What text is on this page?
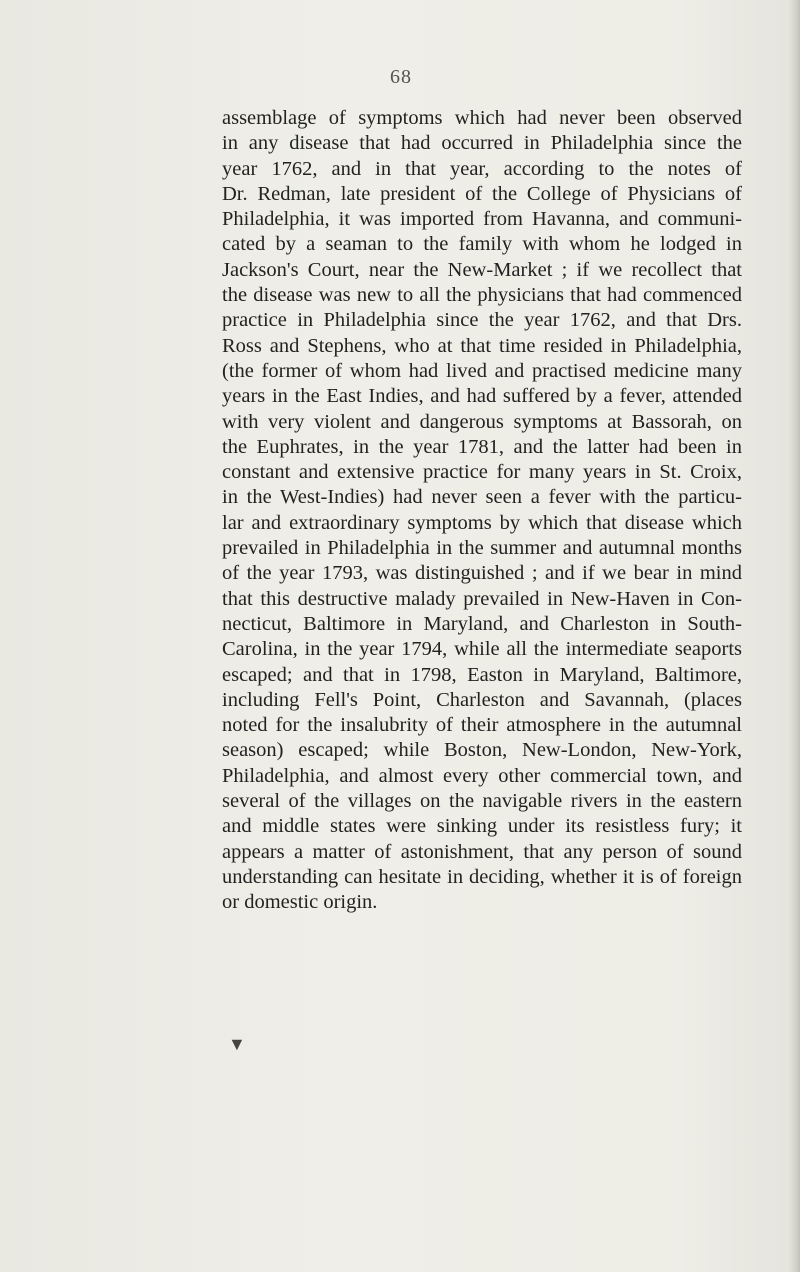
68

assemblage of symptoms which had never been observed
in any disease that had occurred in Philadelphia since the
year 1762, and in that year, according to the notes of
Dr. Redman, late president of the College of Physicians of
Philadelphia, it was imported from Havanna, and communi-
cated by a seaman to the family with whom he lodged in
Jackson's Court, near the New-Market ; if we recollect that
the disease was new to all the physicians that had commenced
practice in Philadelphia since the year 1762, and that Drs.
Ross and Stephens, who at that time resided in Philadelphia,
(the former of whom had lived and practised medicine many
years in the East Indies, and had suffered by a fever, attended
with very violent and dangerous symptoms at Bassorah, on
the Euphrates, in the year 1781, and the latter had been in
constant and extensive practice for many years in St. Croix,
in the West-Indies) had never seen a fever with the particu-
lar and extraordinary symptoms by which that disease which
prevailed in Philadelphia in the summer and autumnal months
of the year 1793, was distinguished ; and if we bear in mind
that this destructive malady prevailed in New-Haven in Con-
necticut, Baltimore in Maryland, and Charleston in South-
Carolina, in the year 1794, while all the intermediate seaports
escaped; and that in 1798, Easton in Maryland, Baltimore,
including Fell's Point, Charleston and Savannah, (places
noted for the insalubrity of their atmosphere in the autumnal
season) escaped; while Boston, New-London, New-York,
Philadelphia, and almost every other commercial town, and
several of the villages on the navigable rivers in the eastern
and middle states were sinking under its resistless fury; it
appears a matter of astonishment, that any person of sound
understanding can hesitate in deciding, whether it is of foreign
or domestic origin.

▼
